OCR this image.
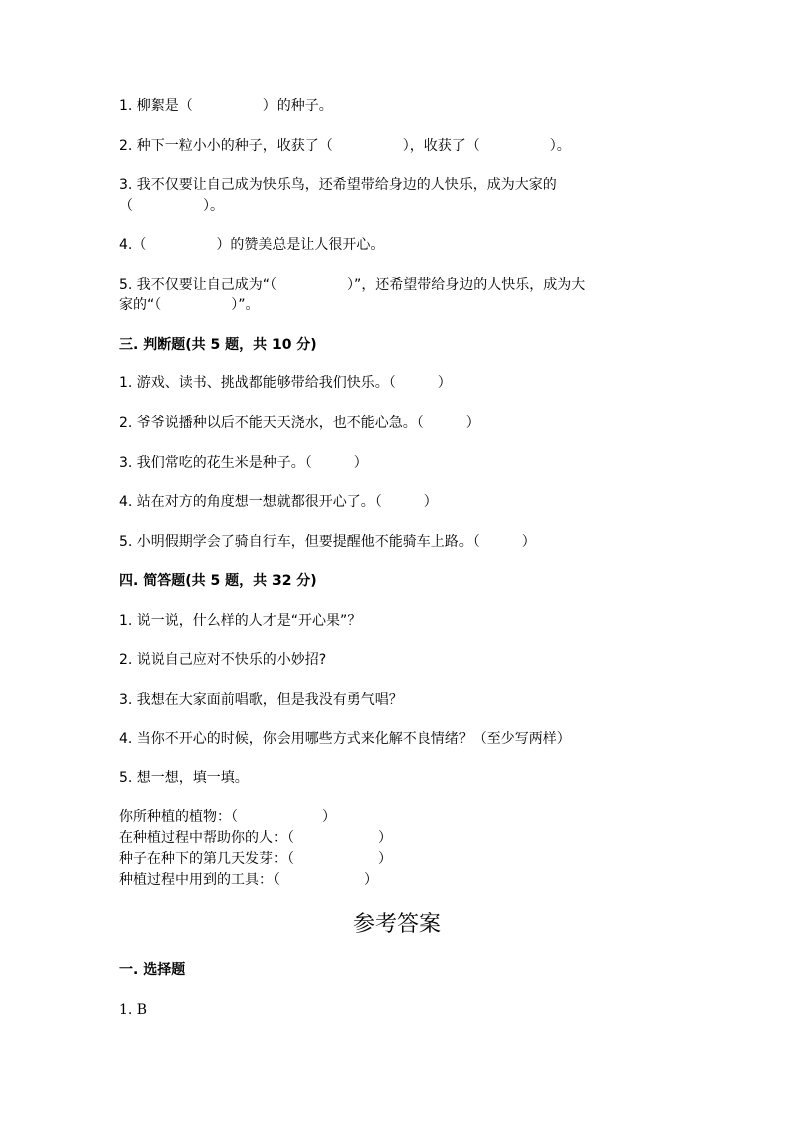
1. 柳絮是（　　　　　）的种子。
2. 种下一粒小小的种子，收获了（　　　　　），收获了（　　　　　）。
3. 我不仅要让自己成为快乐鸟，还希望带给身边的人快乐，成为大家的
（　　　　　）。
4.（　　　　　）的赞美总是让人很开心。
5. 我不仅要让自己成为“（　　　　　）”，还希望带给身边的人快乐，成为大
家的“（　　　　　）”。
三. 判断题(共 5 题，共 10 分)
1. 游戏、读书、挑战都能够带给我们快乐。（　　　）
2. 爷爷说播种以后不能天天浇水，也不能心急。（　　　）
3. 我们常吃的花生米是种子。（　　　）
4. 站在对方的角度想一想就都很开心了。（　　　）
5. 小明假期学会了骑自行车，但要提醒他不能骑车上路。（　　　）
四. 简答题(共 5 题，共 32 分)
1. 说一说，什么样的人才是“开心果”？
2. 说说自己应对不快乐的小妙招?
3. 我想在大家面前唱歌，但是我没有勇气唱？
4. 当你不开心的时候，你会用哪些方式来化解不良情绪？（至少写两样）
5. 想一想，填一填。
你所种植的植物：（　　　　　　）
在种植过程中帮助你的人：（　　　　　　）
种子在种下的第几天发芽：（　　　　　　）
种植过程中用到的工具：（　　　　　　）
参考答案
一. 选择题
1. B
